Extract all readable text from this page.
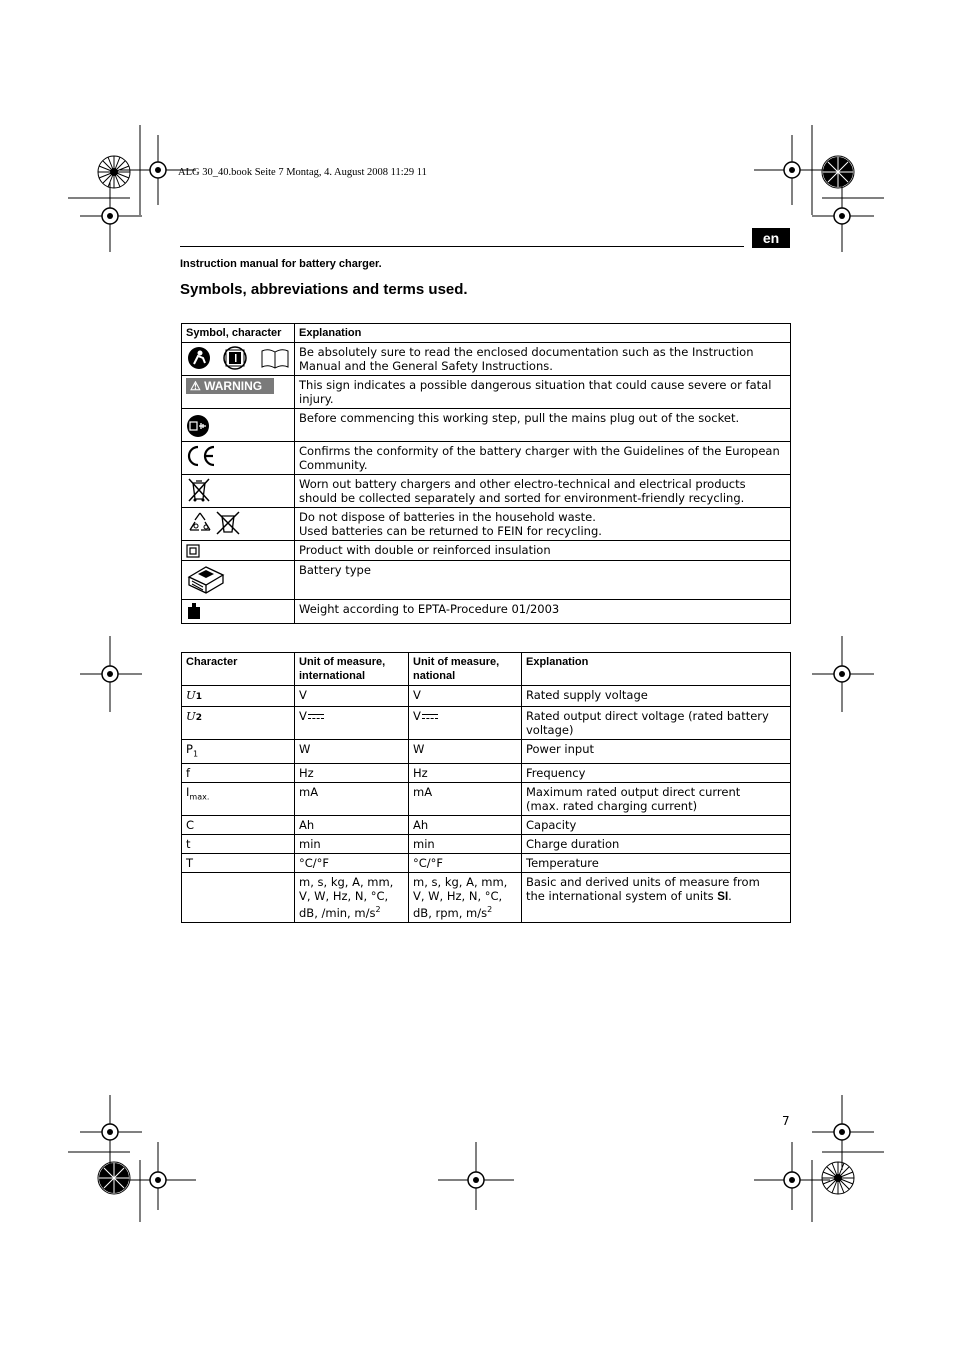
ALG 30_40.book Seite 7 Montag, 4. August 2008 11:29 11
en
Instruction manual for battery charger.
Symbols, abbreviations and terms used.
Symbol, character	Explanation
	Be absolutely sure to read the enclosed documentation such as the Instruction Manual and the General Safety Instructions.
⚠ WARNING	This sign indicates a possible dangerous situation that could cause severe or fatal injury.
	Before commencing this working step, pull the mains plug out of the socket.
	Confirms the conformity of the battery charger with the Guidelines of the European Community.
	Worn out battery chargers and other electro-technical and electrical products should be collected separately and sorted for environment-friendly recycling.
	Do not dispose of batteries in the household waste.
Used batteries can be returned to FEIN for recycling.
	Product with double or reinforced insulation
	Battery type
	Weight according to EPTA-Procedure 01/2003
Character	Unit of measure, international	Unit of measure, national	Explanation
U1	V	V	Rated supply voltage
U2	V	V	Rated output direct voltage (rated battery voltage)
$P_1$	W	W	Power input
f	Hz	Hz	Frequency
$I_{max.}$	mA	mA	Maximum rated output direct current
(max. rated charging current)
C	Ah	Ah	Capacity
t	min	min	Charge duration
T	°C/°F	°C/°F	Temperature
	m, s, kg, A, mm, V, W, Hz, N, °C, dB, /min, $m/s^2$	m, s, kg, A, mm, V, W, Hz, N, °C, dB, rpm, $m/s^2$	Basic and derived units of measure from
the international system of units SI.
7
